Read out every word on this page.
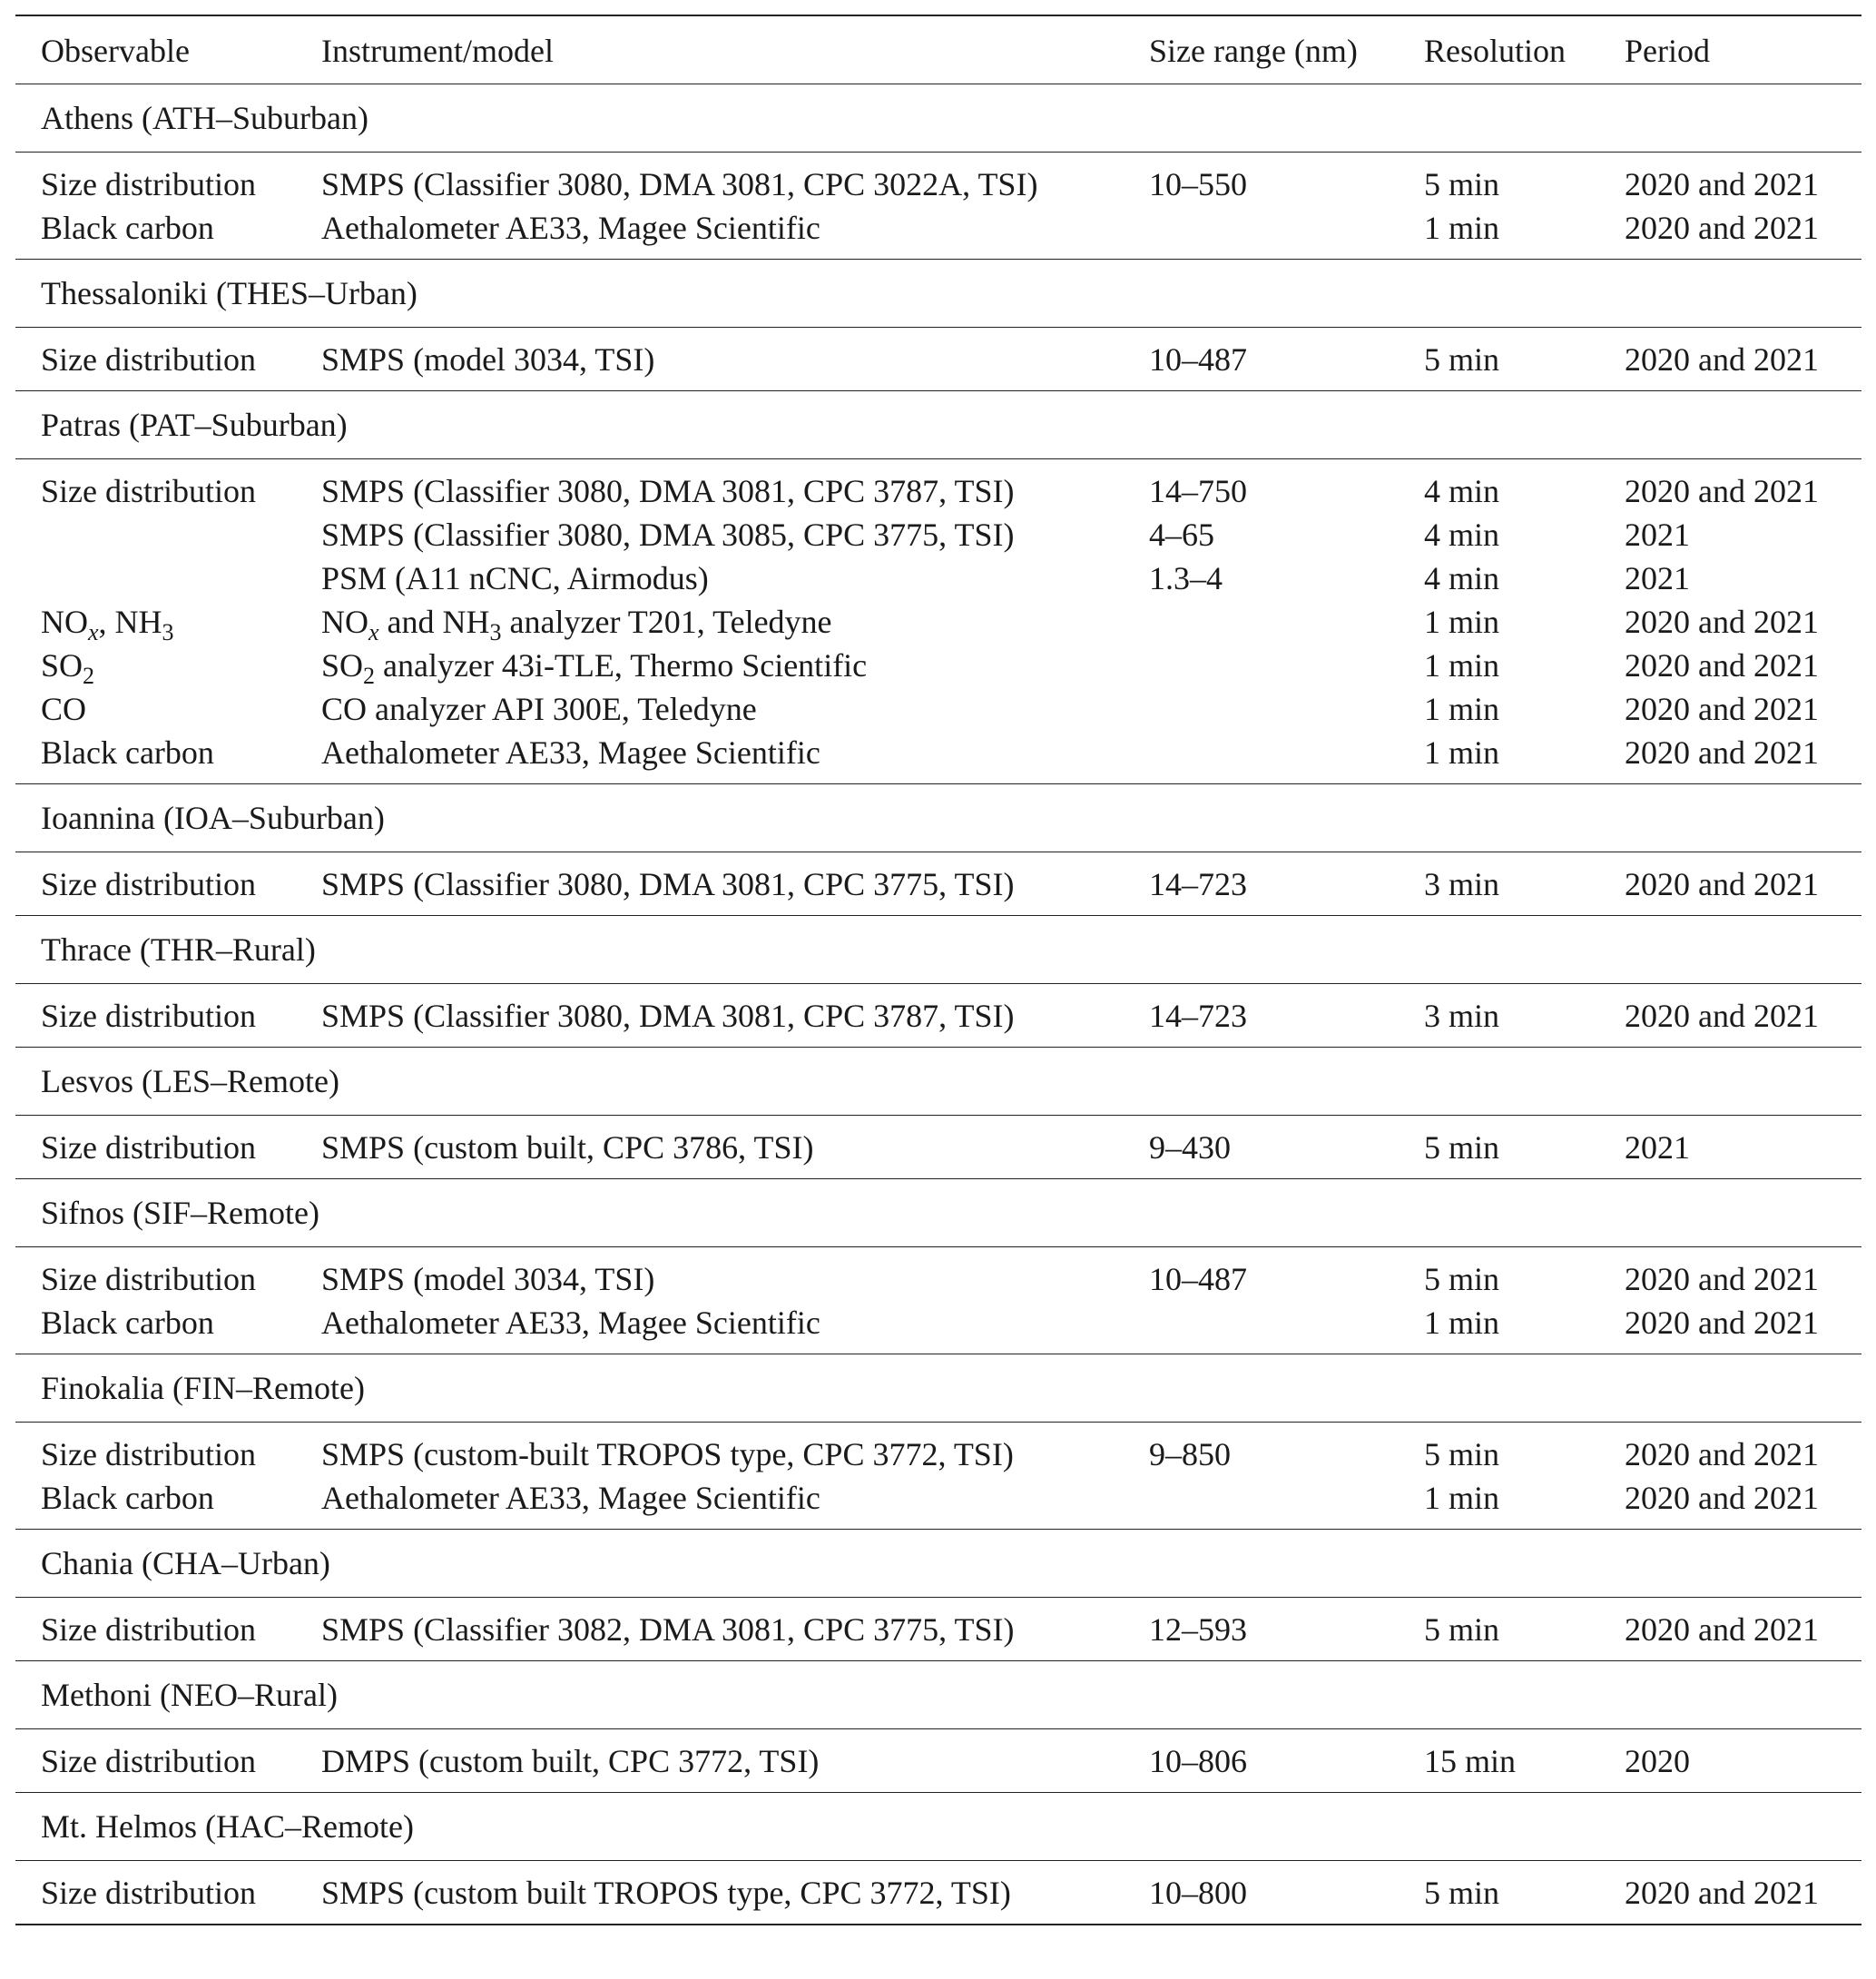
Observable	Instrument/model	Size range (nm)	Resolution	Period
Athens (ATH–Suburban)				
Size distribution	SMPS (Classifier 3080, DMA 3081, CPC 3022A, TSI)	10–550	5 min	2020 and 2021
Black carbon	Aethalometer AE33, Magee Scientific		1 min	2020 and 2021
Thessaloniki (THES–Urban)				
Size distribution	SMPS (model 3034, TSI)	10–487	5 min	2020 and 2021
Patras (PAT–Suburban)				
Size distribution	SMPS (Classifier 3080, DMA 3081, CPC 3787, TSI)	14–750	4 min	2020 and 2021
	SMPS (Classifier 3080, DMA 3085, CPC 3775, TSI)	4–65	4 min	2021
	PSM (A11 nCNC, Airmodus)	1.3–4	4 min	2021
$NO_x$, $NH_3$	$NO_x$ and $NH_3$ analyzer T201, Teledyne		1 min	2020 and 2021
$SO_2$	$SO_2$ analyzer 43i-TLE, Thermo Scientific		1 min	2020 and 2021
CO	CO analyzer API 300E, Teledyne		1 min	2020 and 2021
Black carbon	Aethalometer AE33, Magee Scientific		1 min	2020 and 2021
Ioannina (IOA–Suburban)				
Size distribution	SMPS (Classifier 3080, DMA 3081, CPC 3775, TSI)	14–723	3 min	2020 and 2021
Thrace (THR–Rural)				
Size distribution	SMPS (Classifier 3080, DMA 3081, CPC 3787, TSI)	14–723	3 min	2020 and 2021
Lesvos (LES–Remote)				
Size distribution	SMPS (custom built, CPC 3786, TSI)	9–430	5 min	2021
Sifnos (SIF–Remote)				
Size distribution	SMPS (model 3034, TSI)	10–487	5 min	2020 and 2021
Black carbon	Aethalometer AE33, Magee Scientific		1 min	2020 and 2021
Finokalia (FIN–Remote)				
Size distribution	SMPS (custom-built TROPOS type, CPC 3772, TSI)	9–850	5 min	2020 and 2021
Black carbon	Aethalometer AE33, Magee Scientific		1 min	2020 and 2021
Chania (CHA–Urban)				
Size distribution	SMPS (Classifier 3082, DMA 3081, CPC 3775, TSI)	12–593	5 min	2020 and 2021
Methoni (NEO–Rural)				
Size distribution	DMPS (custom built, CPC 3772, TSI)	10–806	15 min	2020
Mt. Helmos (HAC–Remote)				
Size distribution	SMPS (custom built TROPOS type, CPC 3772, TSI)	10–800	5 min	2020 and 2021
